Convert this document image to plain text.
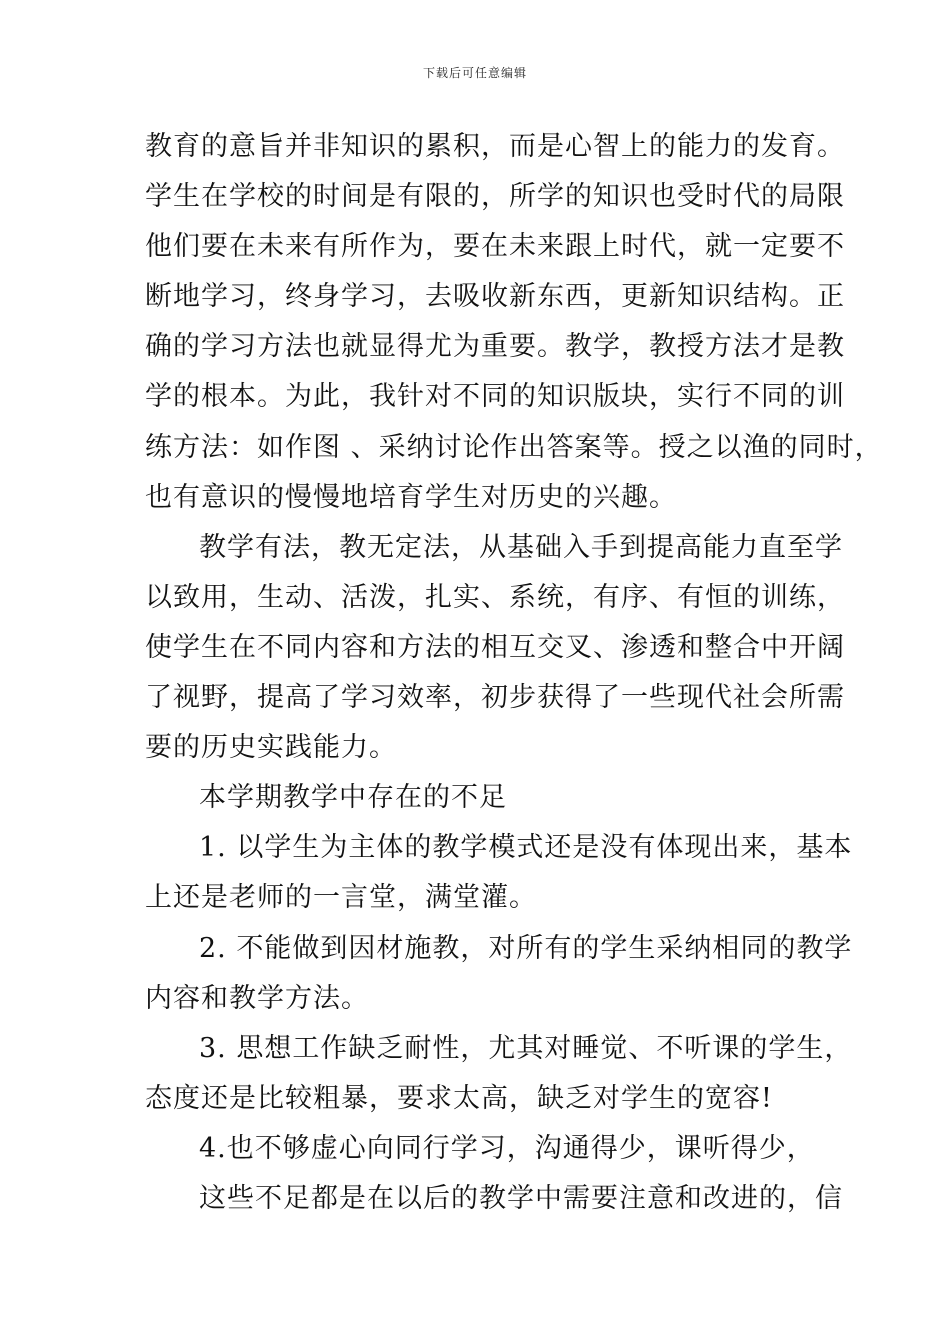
下载后可任意编辑
教育的意旨并非知识的累积，而是心智上的能力的发育。
学生在学校的时间是有限的，所学的知识也受时代的局限
他们要在未来有所作为，要在未来跟上时代，就一定要不
断地学习，终身学习，去吸收新东西，更新知识结构。正
确的学习方法也就显得尤为重要。教学，教授方法才是教
学的根本。为此，我针对不同的知识版块，实行不同的训
练方法：如作图 、采纳讨论作出答案等。授之以渔的同时，
也有意识的慢慢地培育学生对历史的兴趣。
教学有法，教无定法，从基础入手到提高能力直至学
以致用，生动、活泼，扎实、系统，有序、有恒的训练，
使学生在不同内容和方法的相互交叉、渗透和整合中开阔
了视野，提高了学习效率，初步获得了一些现代社会所需
要的历史实践能力。
本学期教学中存在的不足
1. 以学生为主体的教学模式还是没有体现出来，基本
上还是老师的一言堂，满堂灌。
2. 不能做到因材施教，对所有的学生采纳相同的教学
内容和教学方法。
3. 思想工作缺乏耐性，尤其对睡觉、不听课的学生，
态度还是比较粗暴，要求太高，缺乏对学生的宽容!
4.也不够虚心向同行学习，沟通得少，课听得少，
这些不足都是在以后的教学中需要注意和改进的，信
